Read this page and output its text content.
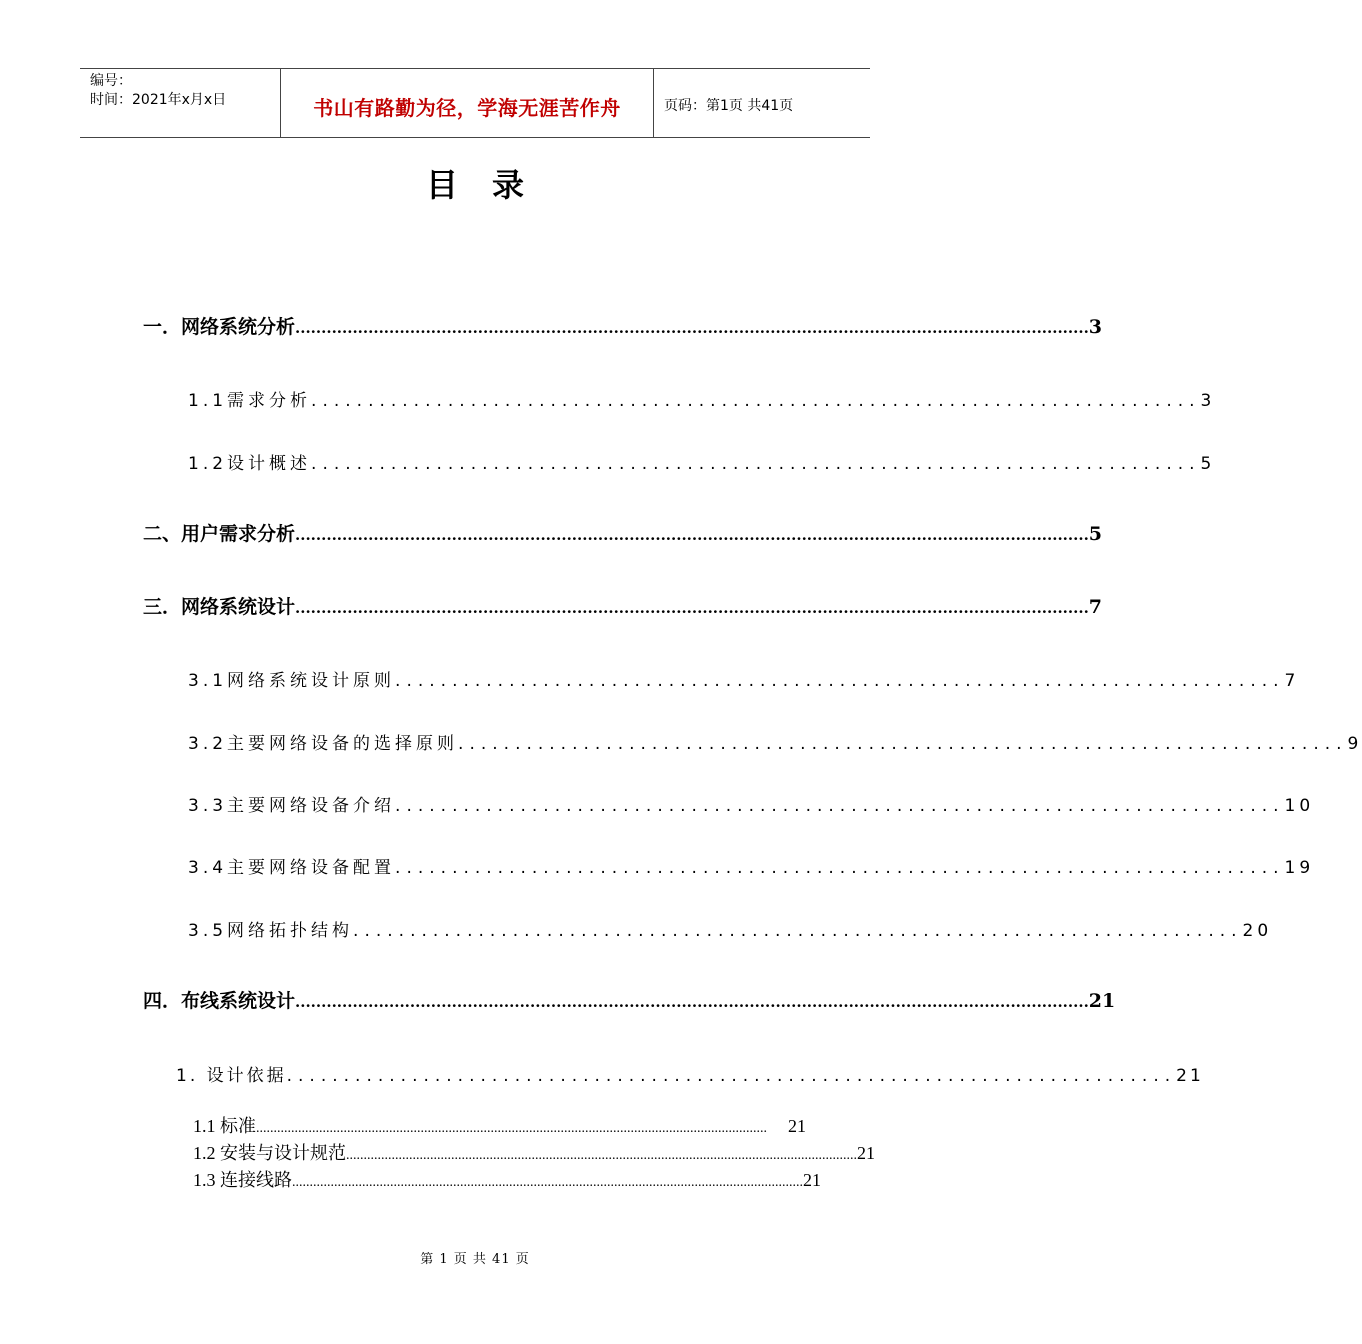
编号：
时间：2021年x月x日	书山有路勤为径，学海无涯苦作舟	页码：第1页 共41页
目录
一．网络系统分析 ........................................................................................................................................................ 3
1.1需求分析 .............................................................................. 3
1.2设计概述 .............................................................................. 5
二、用户需求分析 ........................................................................................................................................................ 5
三．网络系统设计 ........................................................................................................................................................ 7
3.1网络系统设计原则 .............................................................................. 7
3.2主要网络设备的选择原则 .............................................................................. 9
3.3主要网络设备介绍 .............................................................................. 10
3.4主要网络设备配置 .............................................................................. 19
3.5网络拓扑结构 .............................................................................. 20
四．布线系统设计 ........................................................................................................................................................ 21
1. 设计依据 .............................................................................. 21
1.1 标准 ..................................................................................................................................................	21
1.2 安装与设计规范 .................................................................................................................................................. 21
1.3 连接线路 .................................................................................................................................................. 21
第 1 页 共 41 页
